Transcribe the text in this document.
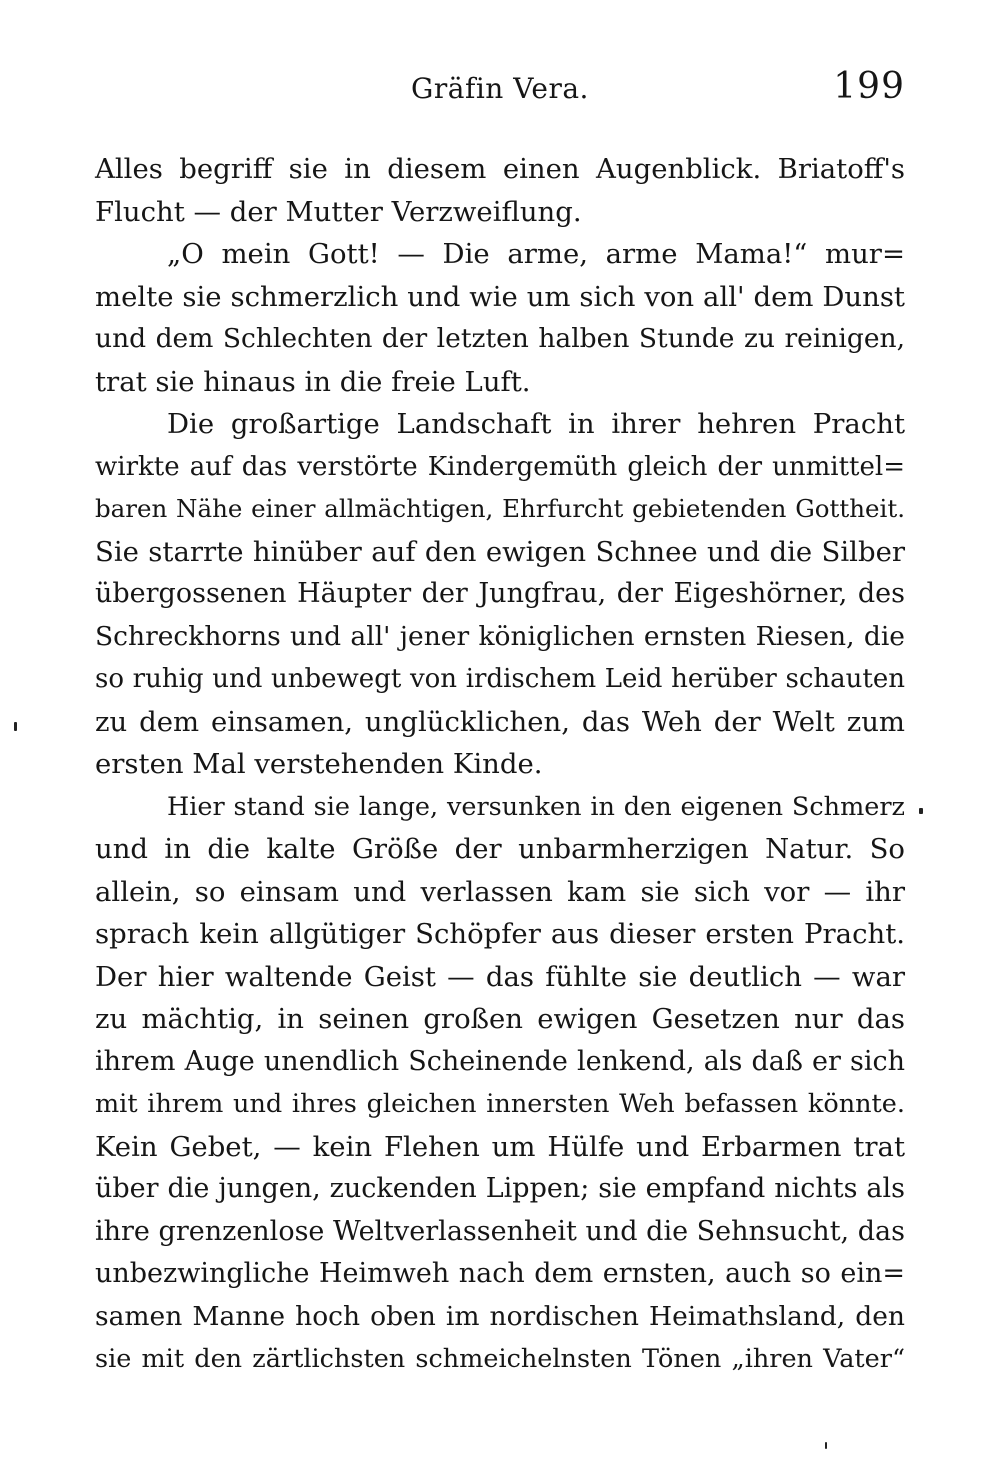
Gräfin Vera.	199
Alles begriff sie in diesem einen Augenblick. Briatoff's
Flucht — der Mutter Verzweiflung.
„O mein Gott! — Die arme, arme Mama!“ mur=
melte sie schmerzlich und wie um sich von all' dem Dunst
und dem Schlechten der letzten halben Stunde zu reinigen,
trat sie hinaus in die freie Luft.
Die großartige Landschaft in ihrer hehren Pracht
wirkte auf das verstörte Kindergemüth gleich der unmittel=
baren Nähe einer allmächtigen, Ehrfurcht gebietenden Gottheit.
Sie starrte hinüber auf den ewigen Schnee und die Silber
übergossenen Häupter der Jungfrau, der Eigeshörner, des
Schreckhorns und all' jener königlichen ernsten Riesen, die
so ruhig und unbewegt von irdischem Leid herüber schauten
zu dem einsamen, unglücklichen, das Weh der Welt zum
ersten Mal verstehenden Kinde.
Hier stand sie lange, versunken in den eigenen Schmerz
und in die kalte Größe der unbarmherzigen Natur. So
allein, so einsam und verlassen kam sie sich vor — ihr
sprach kein allgütiger Schöpfer aus dieser ersten Pracht.
Der hier waltende Geist — das fühlte sie deutlich — war
zu mächtig, in seinen großen ewigen Gesetzen nur das
ihrem Auge unendlich Scheinende lenkend, als daß er sich
mit ihrem und ihres gleichen innersten Weh befassen könnte.
Kein Gebet, — kein Flehen um Hülfe und Erbarmen trat
über die jungen, zuckenden Lippen; sie empfand nichts als
ihre grenzenlose Weltverlassenheit und die Sehnsucht, das
unbezwingliche Heimweh nach dem ernsten, auch so ein=
samen Manne hoch oben im nordischen Heimathsland, den
sie mit den zärtlichsten schmeichelnsten Tönen „ihren Vater“
